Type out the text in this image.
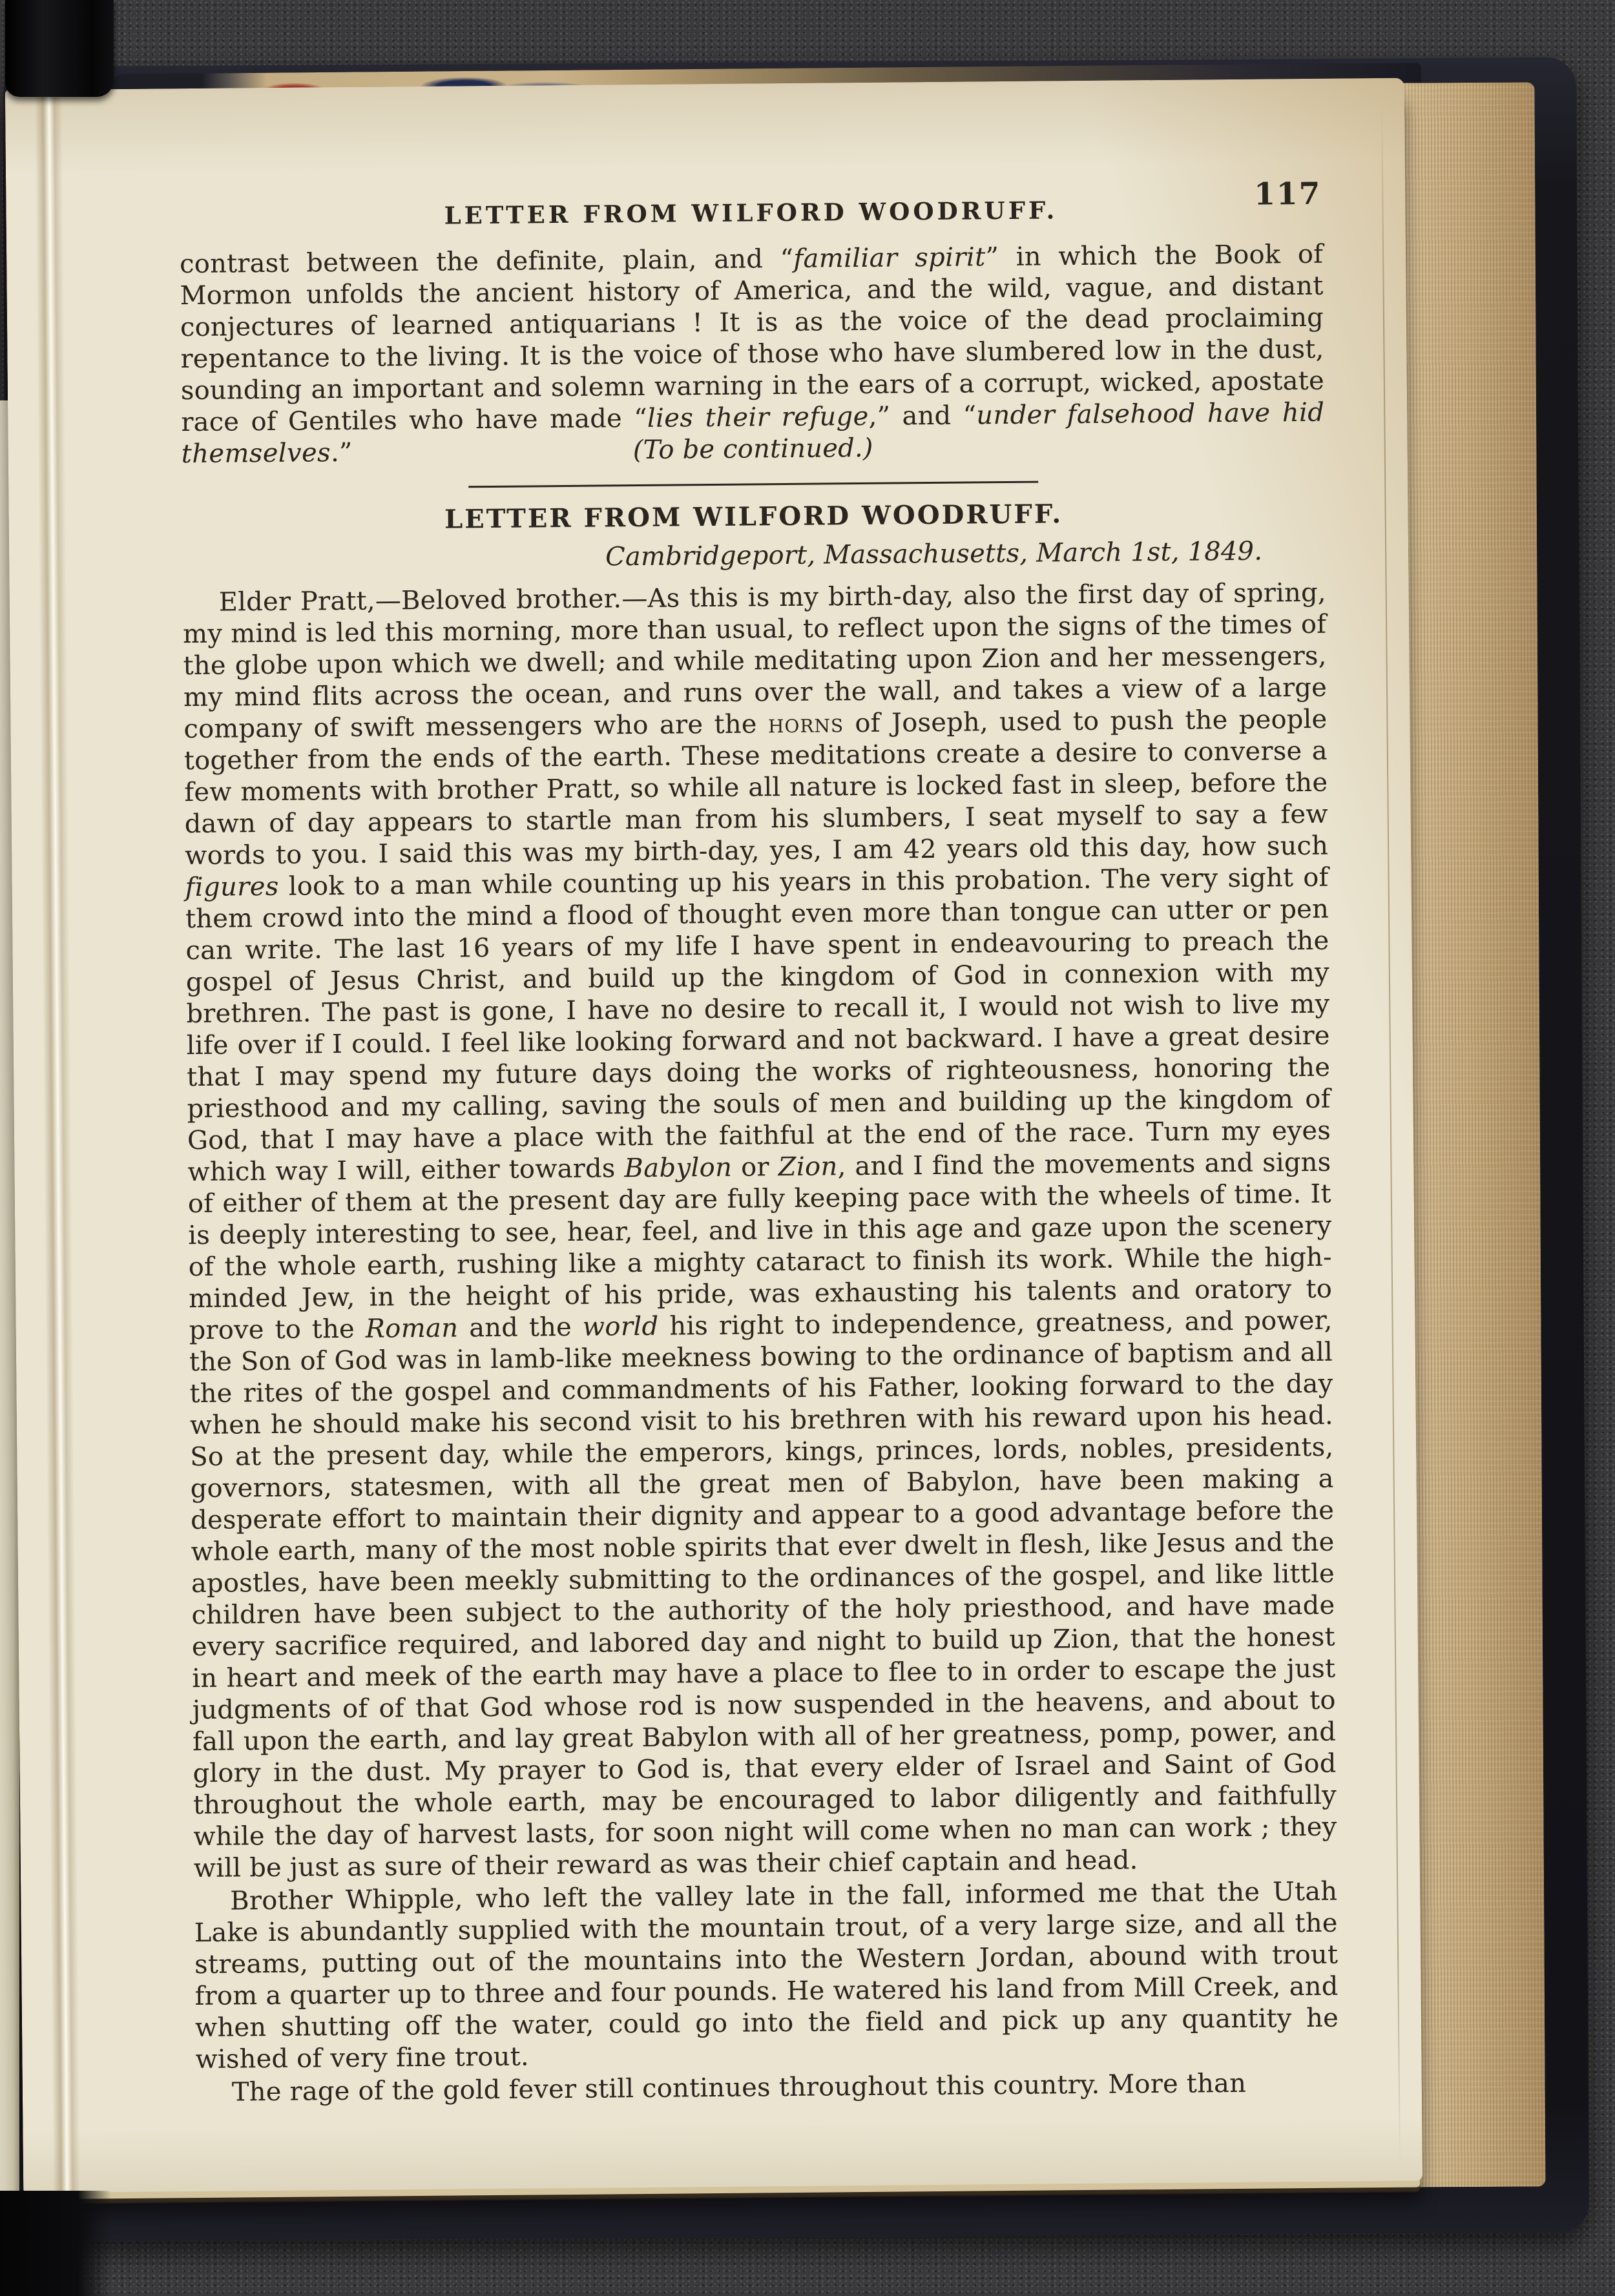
LETTER FROM WILFORD WOODRUFF.
117

contrast between the definite, plain, and “familiar spirit” in which the Book of Mormon unfolds the ancient history of America, and the wild, vague, and distant conjectures of learned antiquarians ! It is as the voice of the dead proclaiming repentance to the living. It is the voice of those who have slumbered low in the dust, sounding an important and solemn warning in the ears of a corrupt, wicked, apostate race of Gentiles who have made “lies their refuge,” and “under falsehood have hid themselves.”	(To be continued.)
LETTER FROM WILFORD WOODRUFF.
Cambridgeport, Massachusetts, March 1st, 1849.

Elder Pratt,—Beloved brother.—As this is my birth-day, also the first day of spring, my mind is led this morning, more than usual, to reflect upon the signs of the times of the globe upon which we dwell; and while meditating upon Zion and her messengers, my mind flits across the ocean, and runs over the wall, and takes a view of a large company of swift messengers who are the horns of Joseph, used to push the people together from the ends of the earth. These meditations create a desire to converse a few moments with brother Pratt, so while all nature is locked fast in sleep, before the dawn of day appears to startle man from his slumbers, I seat myself to say a few words to you. I said this was my birth-day, yes, I am 42 years old this day, how such figures look to a man while counting up his years in this probation. The very sight of them crowd into the mind a flood of thought even more than tongue can utter or pen can write. The last 16 years of my life I have spent in endeavouring to preach the gospel of Jesus Christ, and build up the kingdom of God in connexion with my brethren. The past is gone, I have no desire to recall it, I would not wish to live my life over if I could. I feel like looking forward and not backward. I have a great desire that I may spend my future days doing the works of righteousness, honoring the priesthood and my calling, saving the souls of men and building up the kingdom of God, that I may have a place with the faithful at the end of the race. Turn my eyes which way I will, either towards Babylon or Zion, and I find the movements and signs of either of them at the present day are fully keeping pace with the wheels of time. It is deeply interesting to see, hear, feel, and live in this age and gaze upon the scenery of the whole earth, rushing like a mighty cataract to finish its work. While the high-minded Jew, in the height of his pride, was exhausting his talents and oratory to prove to the Roman and the world his right to independence, greatness, and power, the Son of God was in lamb-like meekness bowing to the ordinance of baptism and all the rites of the gospel and commandments of his Father, looking forward to the day when he should make his second visit to his brethren with his reward upon his head. So at the present day, while the emperors, kings, princes, lords, nobles, presidents, governors, statesmen, with all the great men of Babylon, have been making a desperate effort to maintain their dignity and appear to a good advantage before the whole earth, many of the most noble spirits that ever dwelt in flesh, like Jesus and the apostles, have been meekly submitting to the ordinances of the gospel, and like little children have been subject to the authority of the holy priesthood, and have made every sacrifice required, and labored day and night to build up Zion, that the honest in heart and meek of the earth may have a place to flee to in order to escape the just judgments of of that God whose rod is now suspended in the heavens, and about to fall upon the earth, and lay great Babylon with all of her greatness, pomp, power, and glory in the dust. My prayer to God is, that every elder of Israel and Saint of God throughout the whole earth, may be encouraged to labor diligently and faithfully while the day of harvest lasts, for soon night will come when no man can work ; they will be just as sure of their reward as was their chief captain and head.

Brother Whipple, who left the valley late in the fall, informed me that the Utah Lake is abundantly supplied with the mountain trout, of a very large size, and all the streams, putting out of the mountains into the Western Jordan, abound with trout from a quarter up to three and four pounds. He watered his land from Mill Creek, and when shutting off the water, could go into the field and pick up any quantity he wished of very fine trout.

The rage of the gold fever still continues throughout this country. More than
